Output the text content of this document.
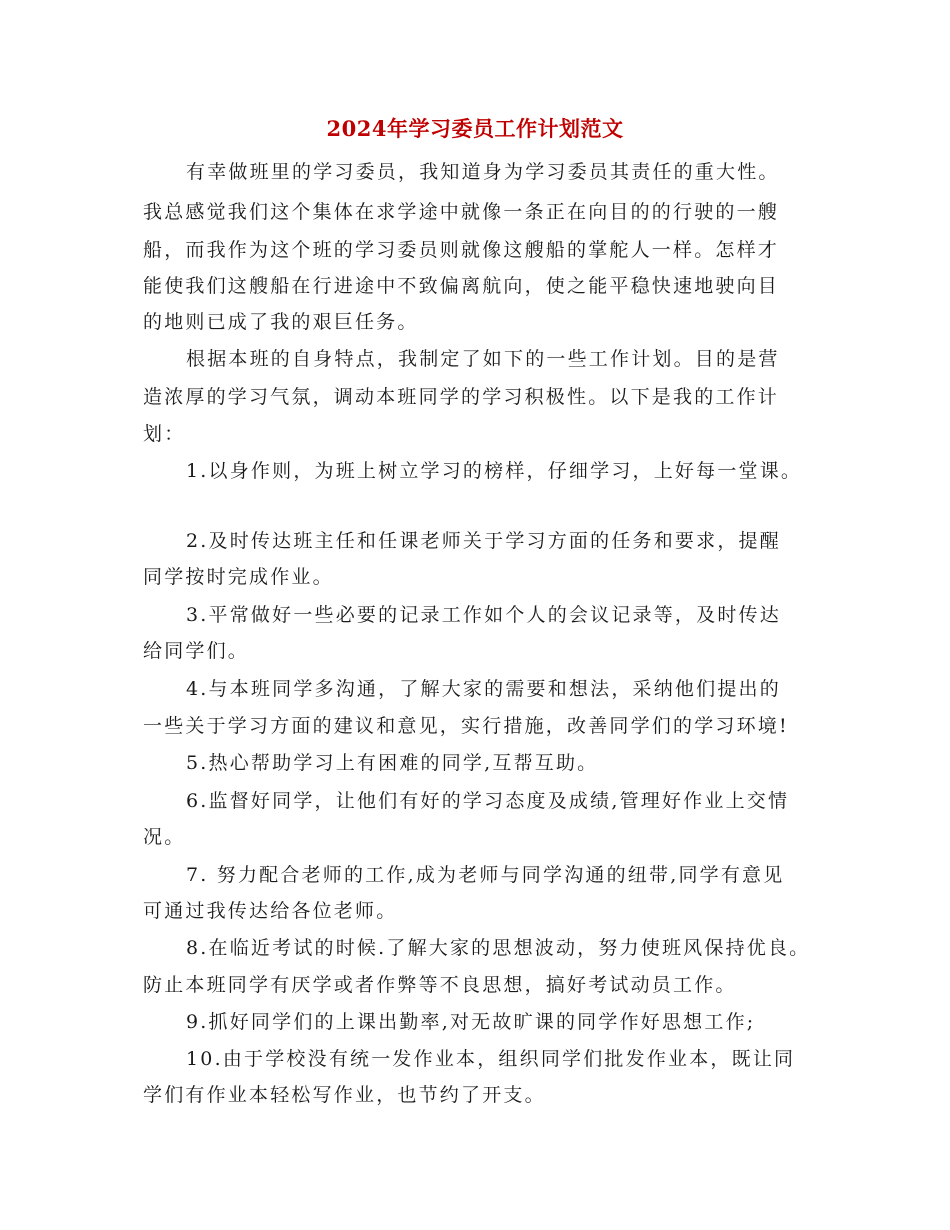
2024年学习委员工作计划范文
有幸做班里的学习委员，我知道身为学习委员其责任的重大性。
我总感觉我们这个集体在求学途中就像一条正在向目的的行驶的一艘
船，而我作为这个班的学习委员则就像这艘船的掌舵人一样。怎样才
能使我们这艘船在行进途中不致偏离航向，使之能平稳快速地驶向目
的地则已成了我的艰巨任务。
根据本班的自身特点，我制定了如下的一些工作计划。目的是营
造浓厚的学习气氛，调动本班同学的学习积极性。以下是我的工作计
划：
1.以身作则，为班上树立学习的榜样，仔细学习，上好每一堂课。
2.及时传达班主任和任课老师关于学习方面的任务和要求，提醒
同学按时完成作业。
3.平常做好一些必要的记录工作如个人的会议记录等，及时传达
给同学们。
4.与本班同学多沟通，了解大家的需要和想法，采纳他们提出的
一些关于学习方面的建议和意见，实行措施，改善同学们的学习环境!
5.热心帮助学习上有困难的同学,互帮互助。
6.监督好同学，让他们有好的学习态度及成绩,管理好作业上交情
况。
7. 努力配合老师的工作,成为老师与同学沟通的纽带,同学有意见
可通过我传达给各位老师。
8.在临近考试的时候.了解大家的思想波动，努力使班风保持优良。
防止本班同学有厌学或者作弊等不良思想，搞好考试动员工作。
9.抓好同学们的上课出勤率,对无故旷课的同学作好思想工作;
10.由于学校没有统一发作业本，组织同学们批发作业本，既让同
学们有作业本轻松写作业，也节约了开支。
